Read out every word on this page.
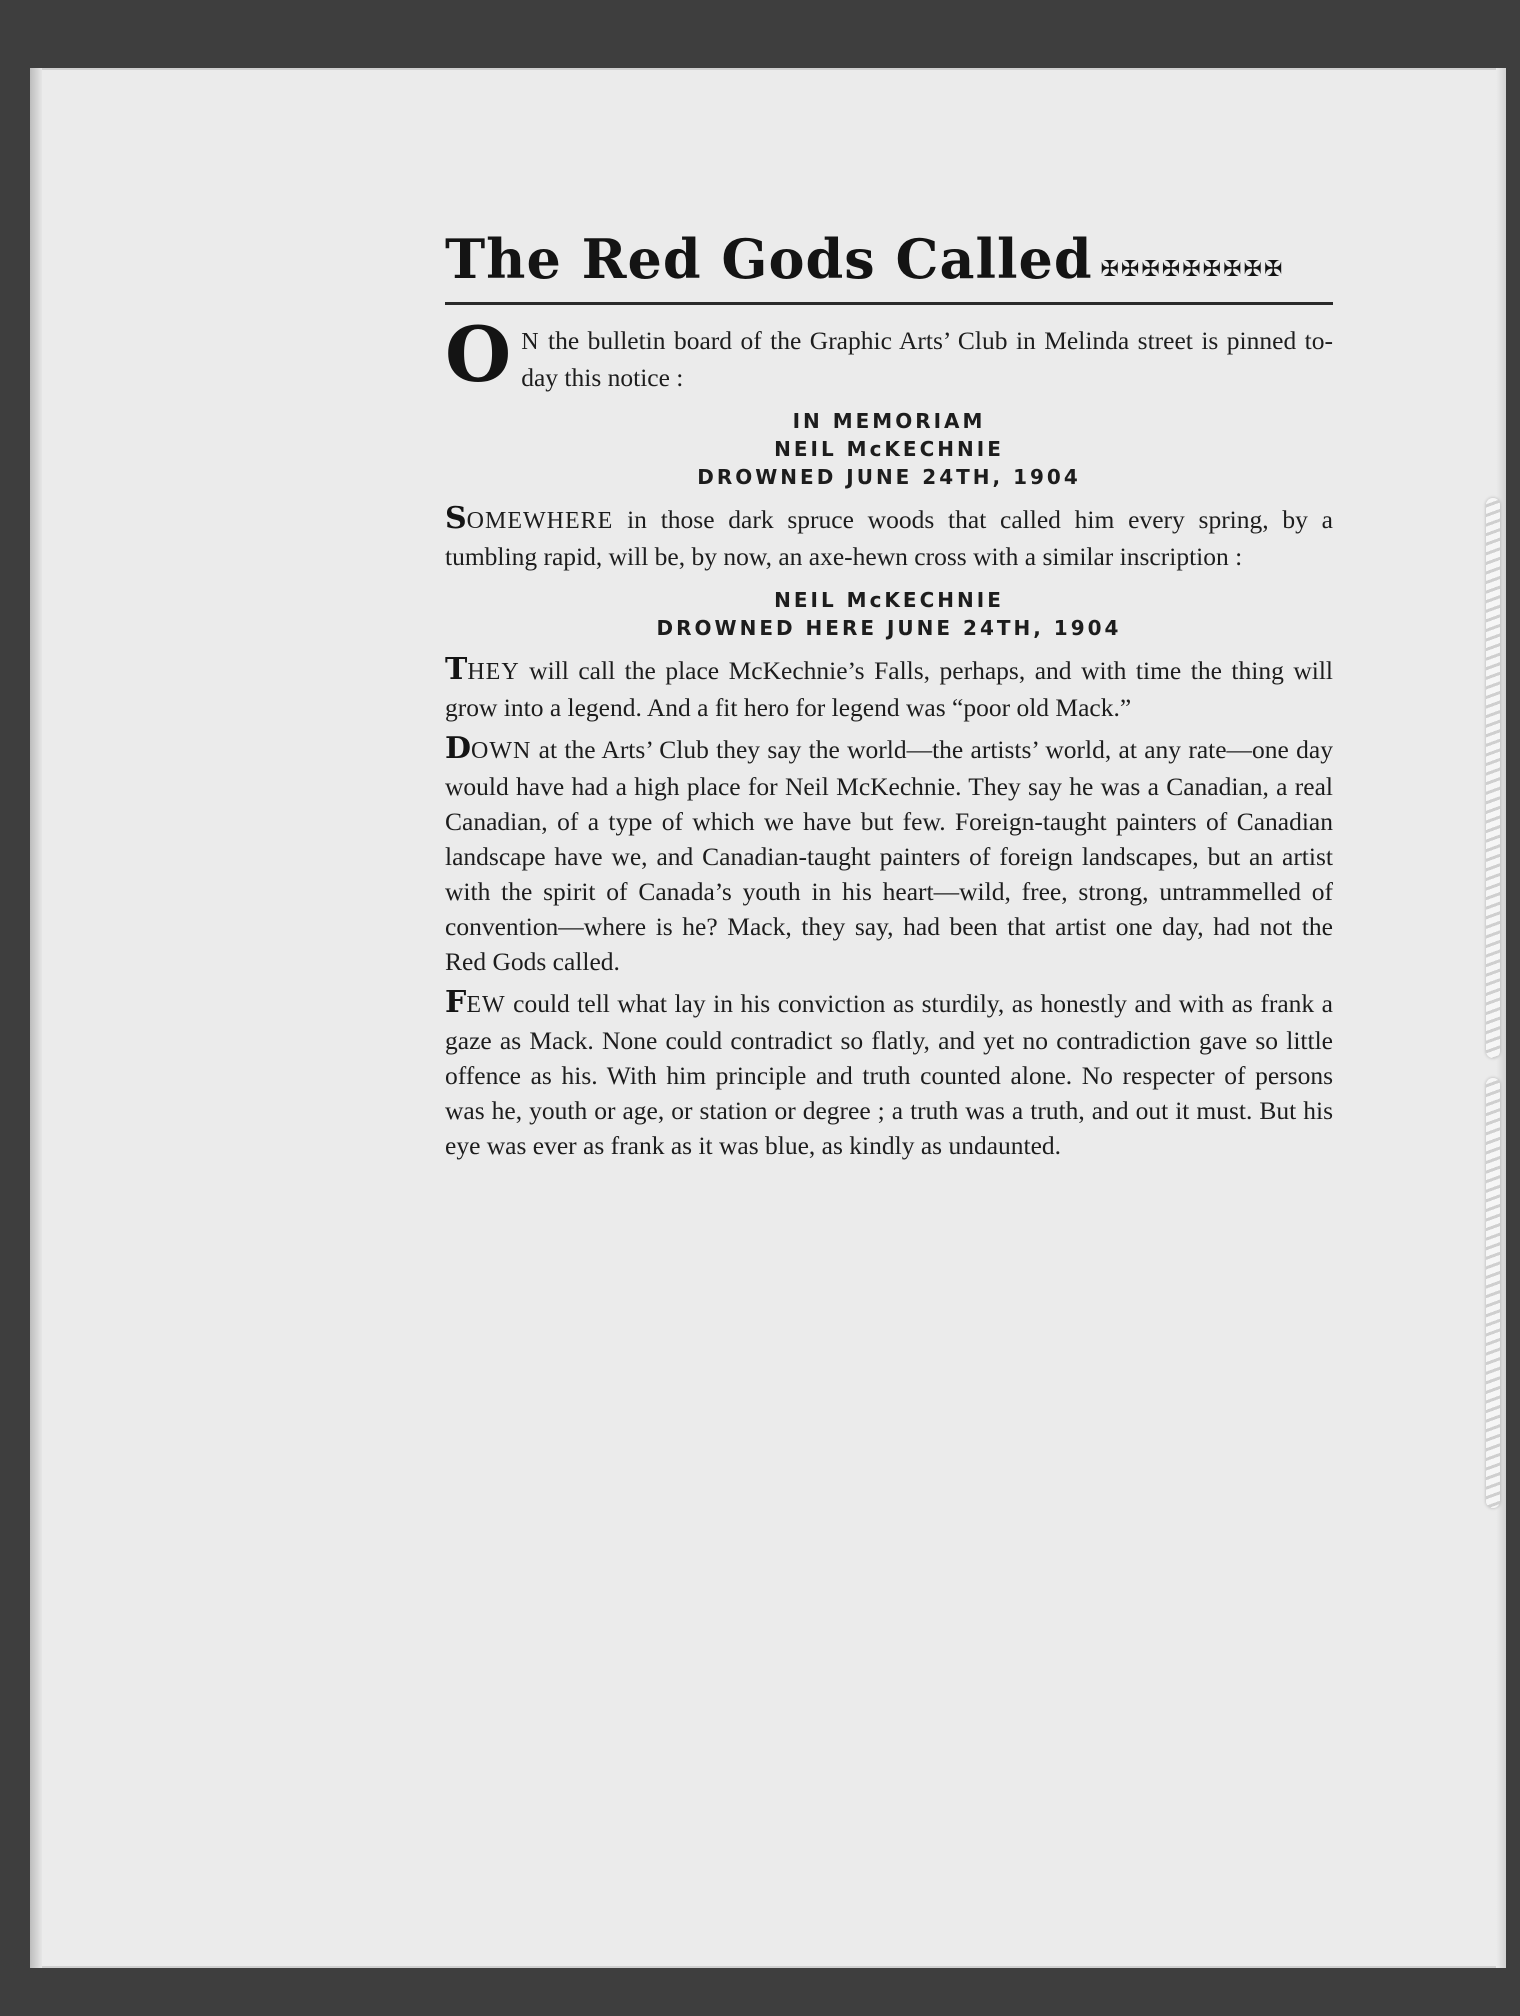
The Red Gods Called ✠✠✠✠✠✠✠✠✠

O N the bulletin board of the Graphic Arts’ Club in Melinda street is pinned to-day this notice :

IN MEMORIAM
NEIL McKECHNIE
DROWNED JUNE 24TH, 1904

SOMEWHERE in those dark spruce woods that called him every spring, by a tumbling rapid, will be, by now, an axe-hewn cross with a similar inscription :

NEIL McKECHNIE
DROWNED HERE JUNE 24TH, 1904

THEY will call the place McKechnie’s Falls, perhaps, and with time the thing will grow into a legend. And a fit hero for legend was “poor old Mack.”

DOWN at the Arts’ Club they say the world—the artists’ world, at any rate—one day would have had a high place for Neil McKechnie. They say he was a Canadian, a real Canadian, of a type of which we have but few. Foreign-taught painters of Canadian landscape have we, and Canadian-taught painters of foreign landscapes, but an artist with the spirit of Canada’s youth in his heart—wild, free, strong, untrammelled of convention—where is he? Mack, they say, had been that artist one day, had not the Red Gods called.

FEW could tell what lay in his conviction as sturdily, as honestly and with as frank a gaze as Mack. None could contradict so flatly, and yet no contradiction gave so little offence as his. With him principle and truth counted alone. No respecter of persons was he, youth or age, or station or degree ; a truth was a truth, and out it must. But his eye was ever as frank as it was blue, as kindly as undaunted.
